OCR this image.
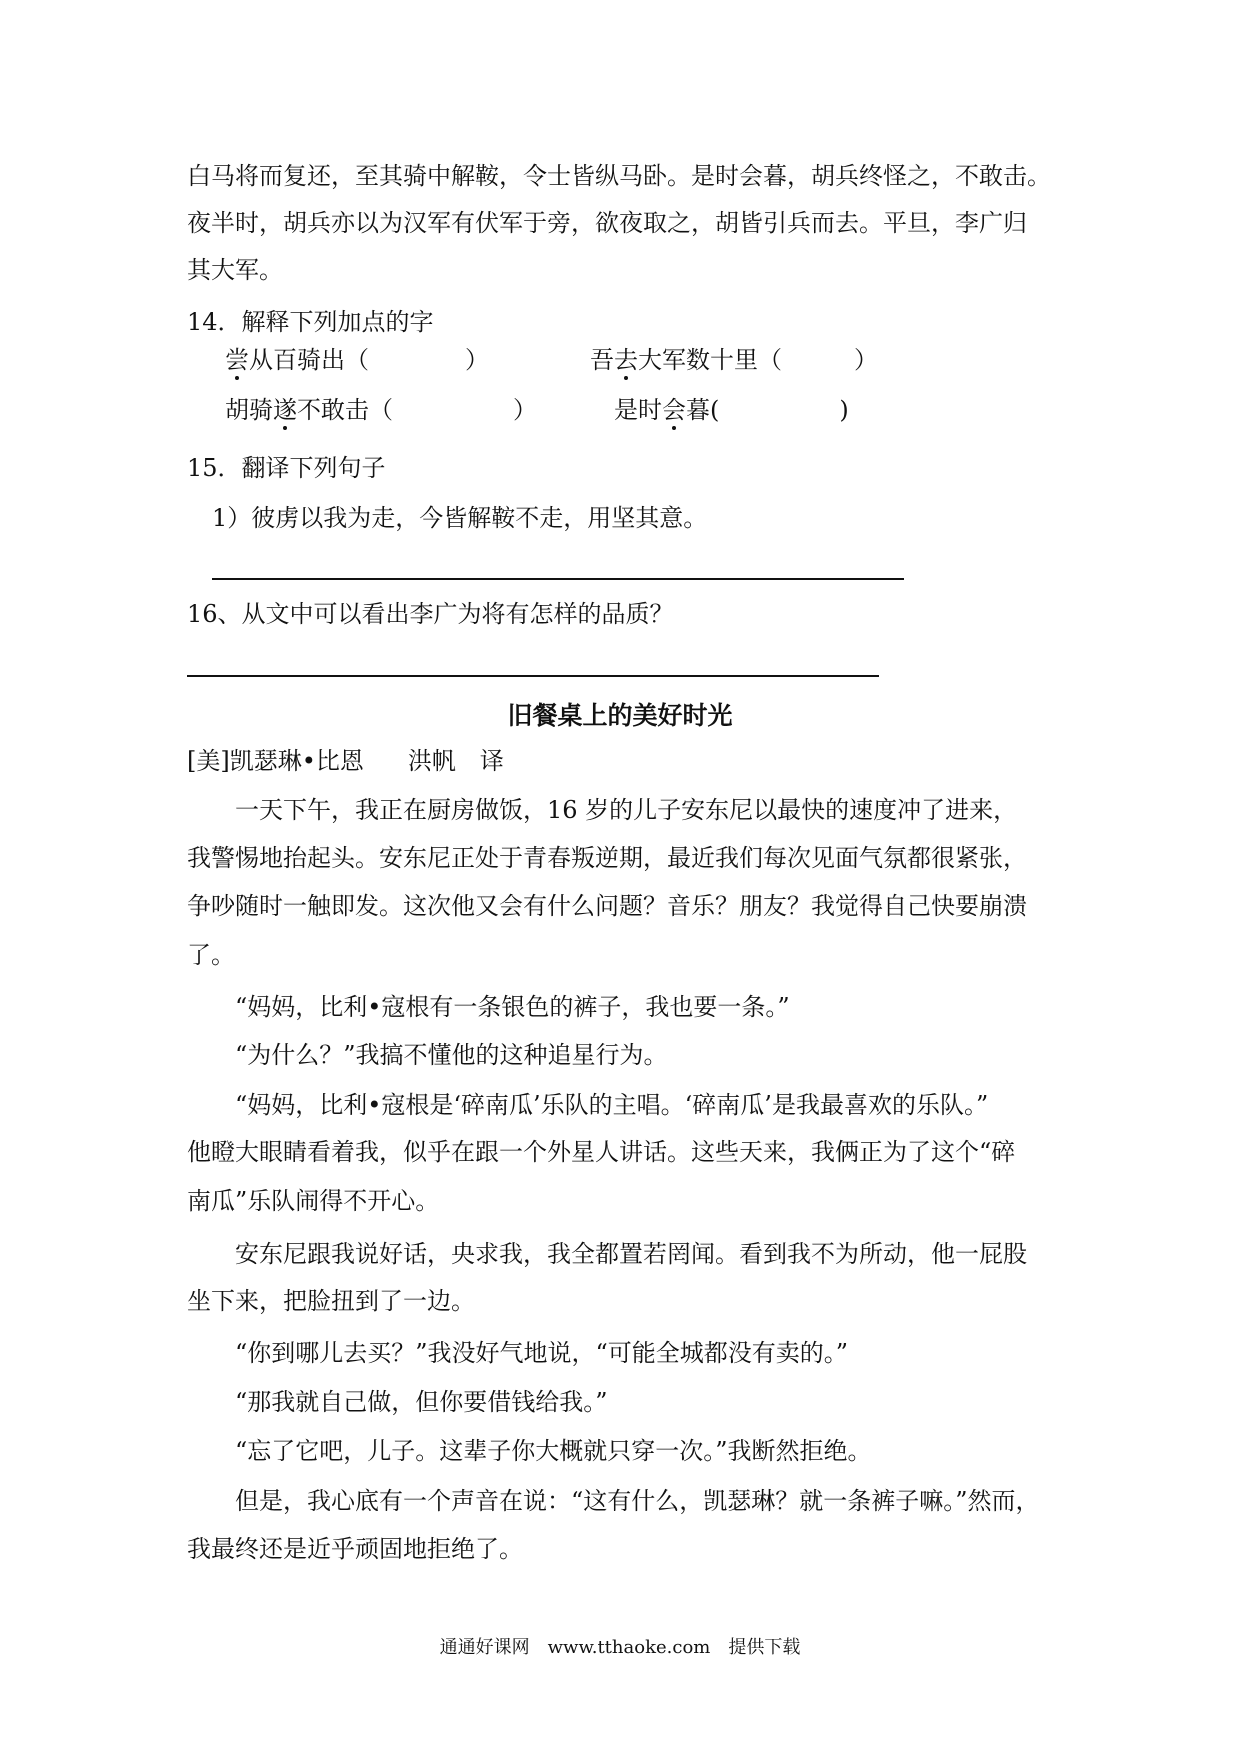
白马将而复还，至其骑中解鞍，令士皆纵马卧。是时会暮，胡兵终怪之，不敢击。
夜半时，胡兵亦以为汉军有伏军于旁，欲夜取之，胡皆引兵而去。平旦，李广归
其大军。
14．解释下列加点的字
尝从百骑出（　　　　）	吾去大军数十里（　　　）
胡骑遂不敢击（　　　　　）	是时会暮(　　　　　)
15．翻译下列句子
1）彼虏以我为走，今皆解鞍不走，用坚其意。
16、从文中可以看出李广为将有怎样的品质？
旧餐桌上的美好时光
[美]凯瑟琳•比恩 洪帆　译
　　一天下午，我正在厨房做饭，16 岁的儿子安东尼以最快的速度冲了进来，
我警惕地抬起头。安东尼正处于青春叛逆期，最近我们每次见面气氛都很紧张，
争吵随时一触即发。这次他又会有什么问题？音乐？朋友？我觉得自己快要崩溃
了。
　　“妈妈，比利•寇根有一条银色的裤子，我也要一条。”
　　“为什么？”我搞不懂他的这种追星行为。
　　“妈妈，比利•寇根是‘碎南瓜’乐队的主唱。‘碎南瓜’是我最喜欢的乐队。”
他瞪大眼睛看着我，似乎在跟一个外星人讲话。这些天来，我俩正为了这个“碎
南瓜”乐队闹得不开心。
　　安东尼跟我说好话，央求我，我全都置若罔闻。看到我不为所动，他一屁股
坐下来，把脸扭到了一边。
　　“你到哪儿去买？”我没好气地说，“可能全城都没有卖的。”
　　“那我就自己做，但你要借钱给我。”
　　“忘了它吧，儿子。这辈子你大概就只穿一次。”我断然拒绝。
　　但是，我心底有一个声音在说：“这有什么，凯瑟琳？就一条裤子嘛。”然而，
我最终还是近乎顽固地拒绝了。
通通好课网　www.tthaoke.com　提供下载
